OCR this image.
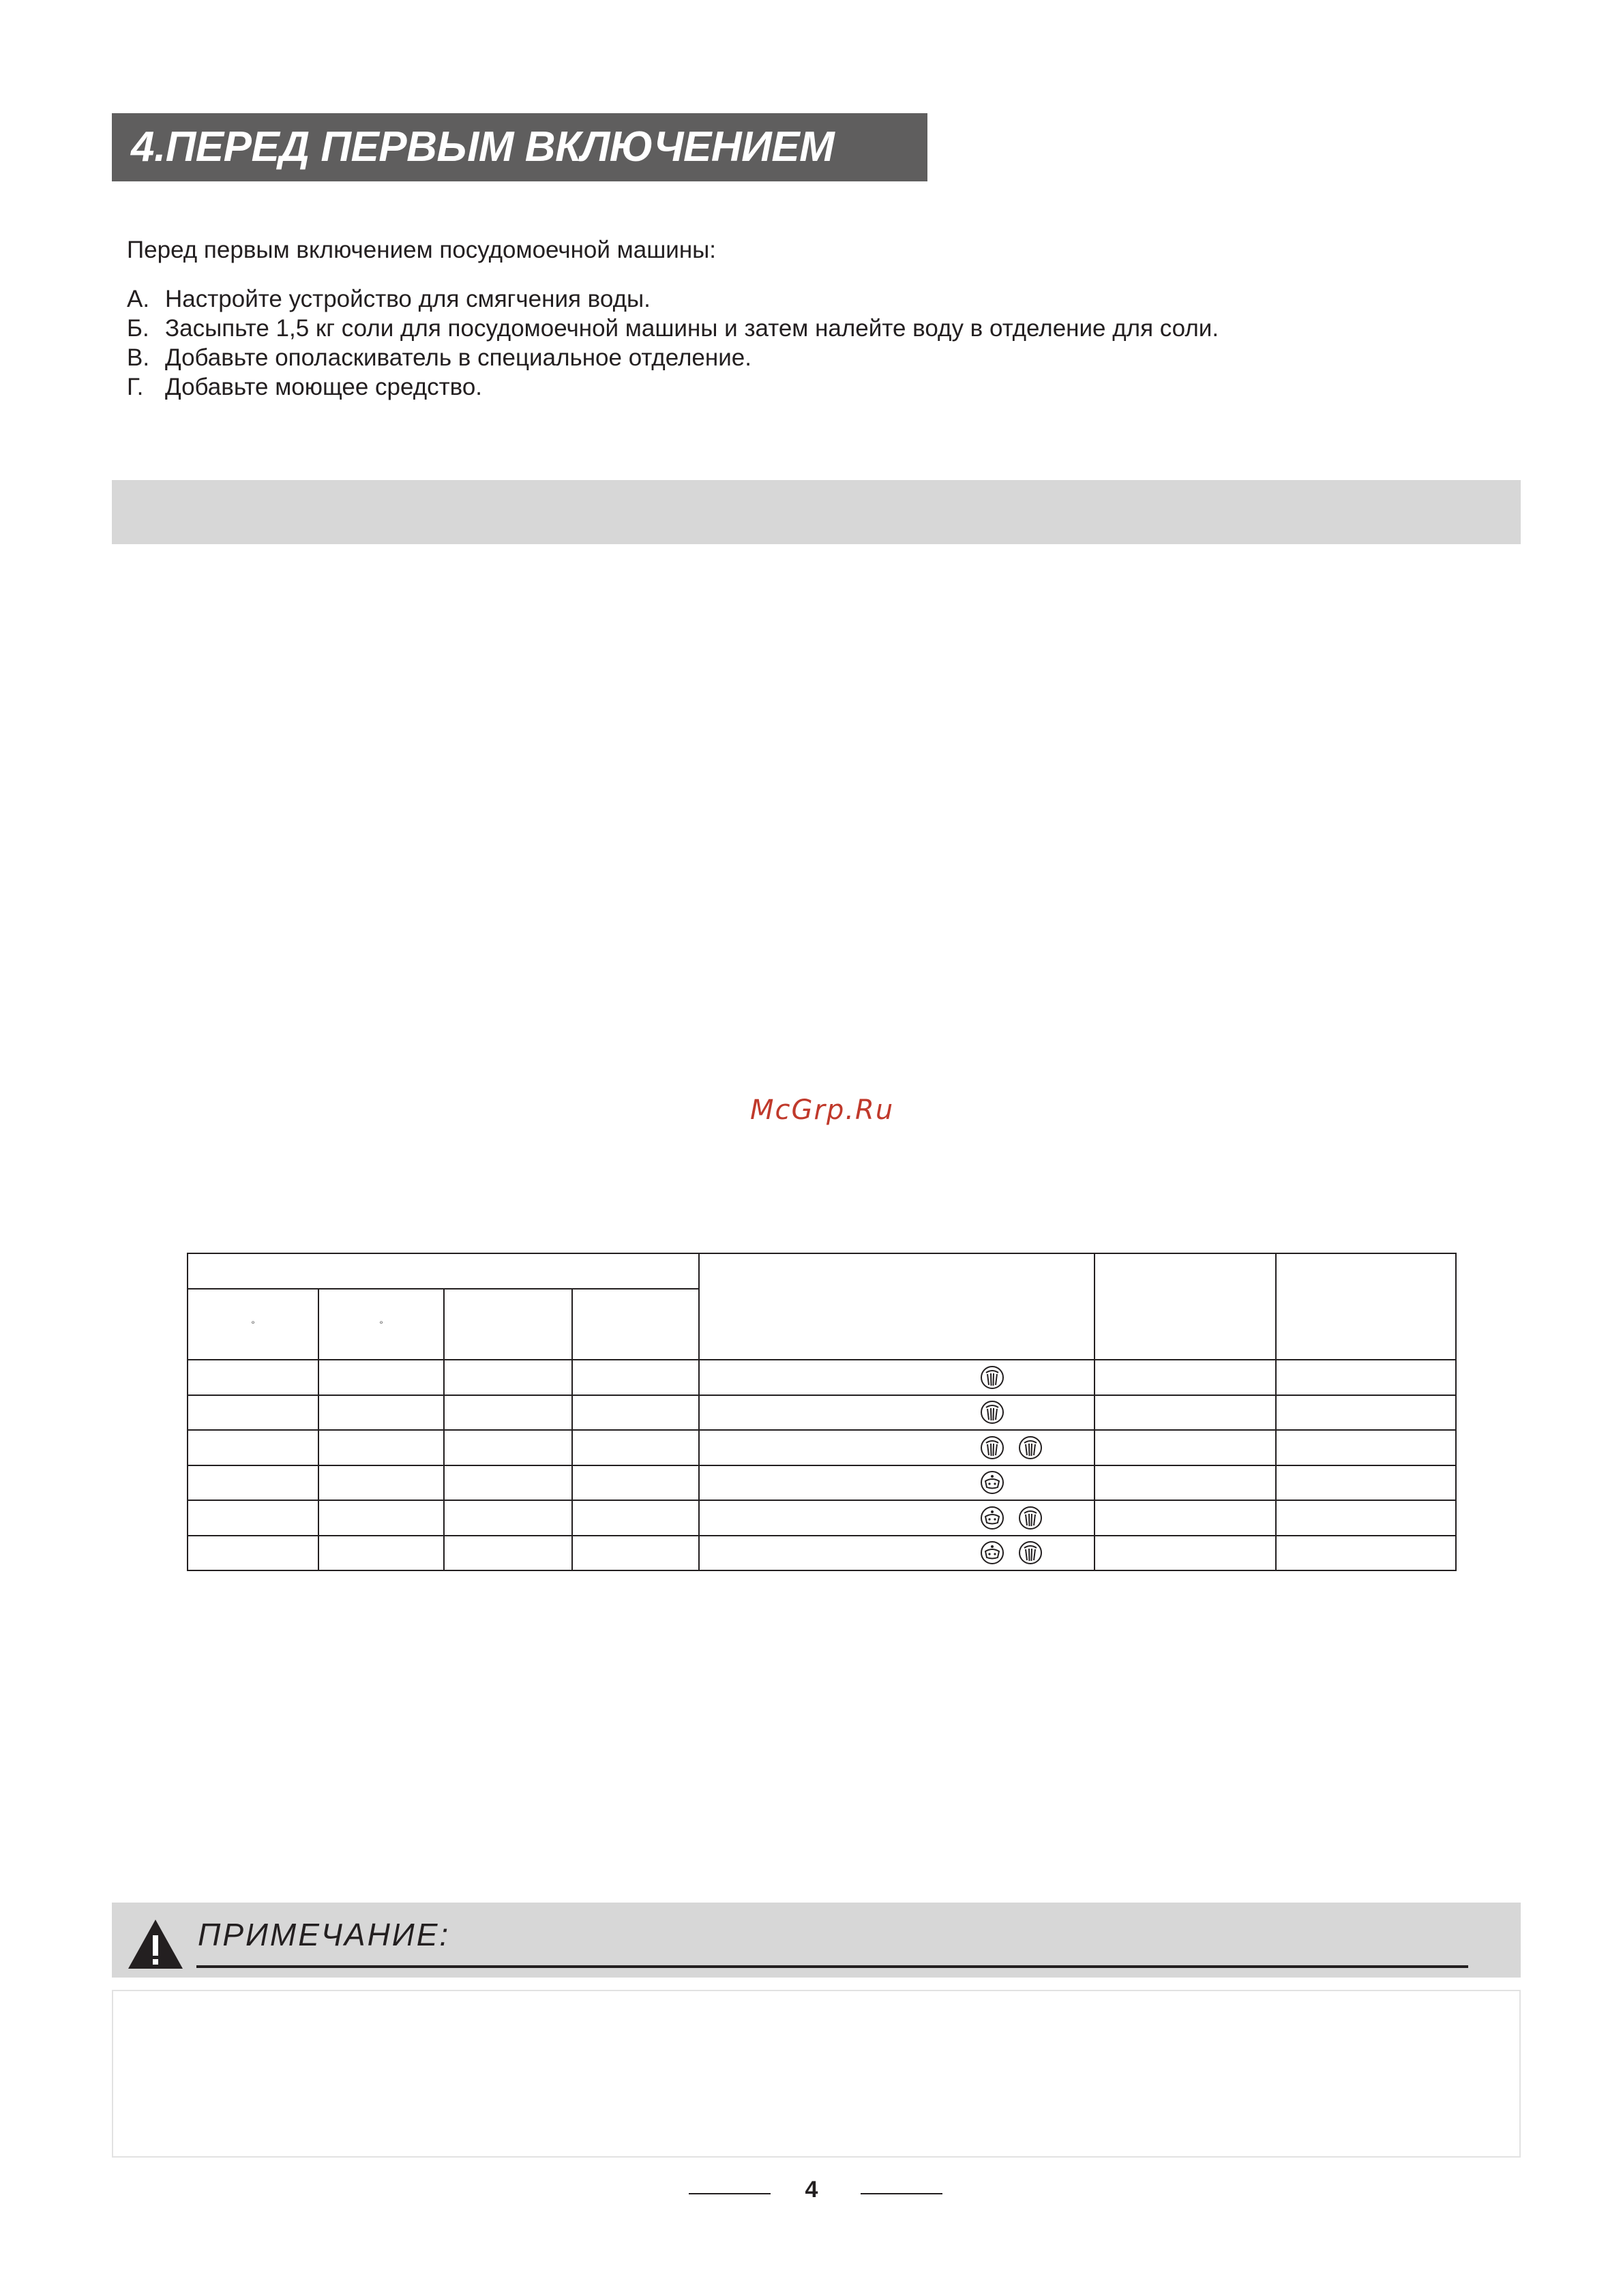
4.ПЕРЕД ПЕРВЫМ ВКЛЮЧЕНИЕМ
Перед первым включением посудомоечной машины:
А. Настройте устройство для смягчения воды.
Б. Засыпьте 1,5 кг соли для посудомоечной машины и затем налейте воду в отделение для соли.
В. Добавьте ополаскиватель в специальное отделение.
Г. Добавьте моющее средство.
McGrp.Ru

°	°					

ПРИМЕЧАНИЕ:
4
